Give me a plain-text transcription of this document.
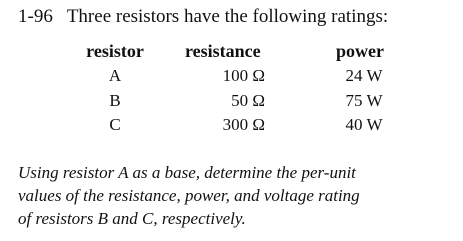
1-96 Three resistors have the following ratings:
resistor	resistance	power
A	100 Ω	24 W
B	50 Ω	75 W
C	300 Ω	40 W
Using resistor A as a base, determine the per-unit
values of the resistance, power, and voltage rating
of resistors B and C, respectively.
